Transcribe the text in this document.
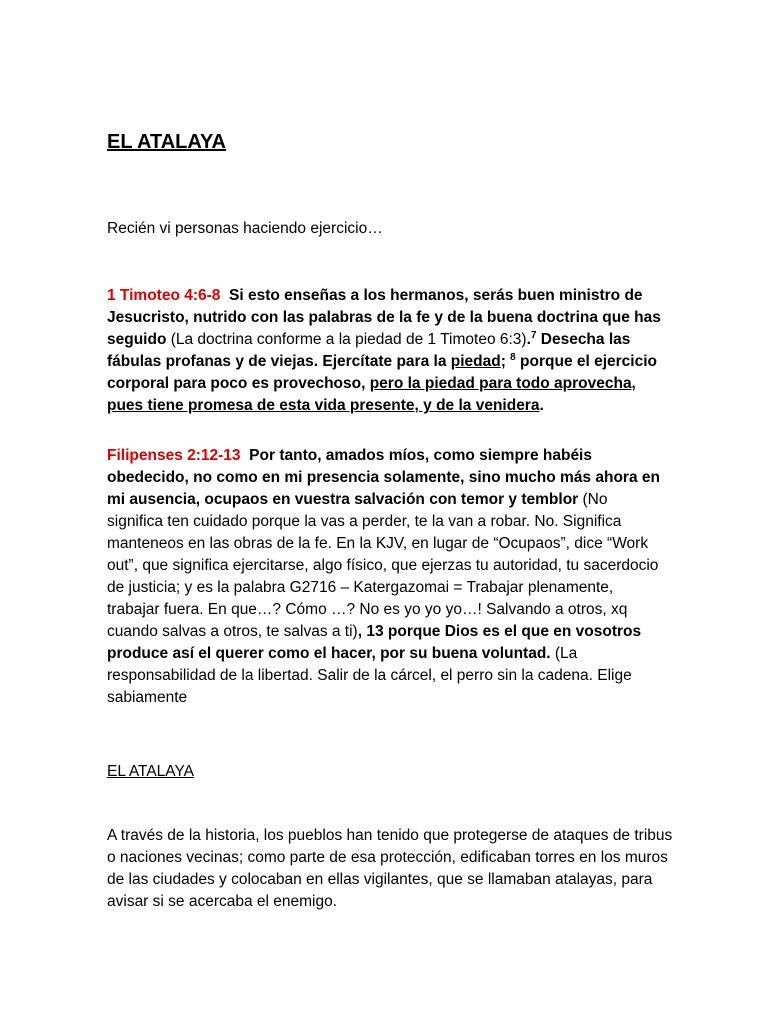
EL ATALAYA
Recién vi personas haciendo ejercicio…
1 Timoteo 4:6-8 Si esto enseñas a los hermanos, serás buen ministro de Jesucristo, nutrido con las palabras de la fe y de la buena doctrina que has seguido (La doctrina conforme a la piedad de 1 Timoteo 6:3).$^7$ Desecha las fábulas profanas y de viejas. Ejercítate para la piedad; $^8$ porque el ejercicio corporal para poco es provechoso, pero la piedad para todo aprovecha, pues tiene promesa de esta vida presente, y de la venidera.
Filipenses 2:12-13 Por tanto, amados míos, como siempre habéis obedecido, no como en mi presencia solamente, sino mucho más ahora en mi ausencia, ocupaos en vuestra salvación con temor y temblor (No significa ten cuidado porque la vas a perder, te la van a robar. No. Significa manteneos en las obras de la fe. En la KJV, en lugar de “Ocupaos”, dice “Work out”, que significa ejercitarse, algo físico, que ejerzas tu autoridad, tu sacerdocio de justicia; y es la palabra G2716 – Katergazomai = Trabajar plenamente, trabajar fuera. En que…? Cómo …? No es yo yo yo…! Salvando a otros, xq cuando salvas a otros, te salvas a ti), 13 porque Dios es el que en vosotros produce así el querer como el hacer, por su buena voluntad. (La responsabilidad de la libertad. Salir de la cárcel, el perro sin la cadena. Elige sabiamente
EL ATALAYA
A través de la historia, los pueblos han tenido que protegerse de ataques de tribus o naciones vecinas; como parte de esa protección, edificaban torres en los muros de las ciudades y colocaban en ellas vigilantes, que se llamaban atalayas, para avisar si se acercaba el enemigo.
